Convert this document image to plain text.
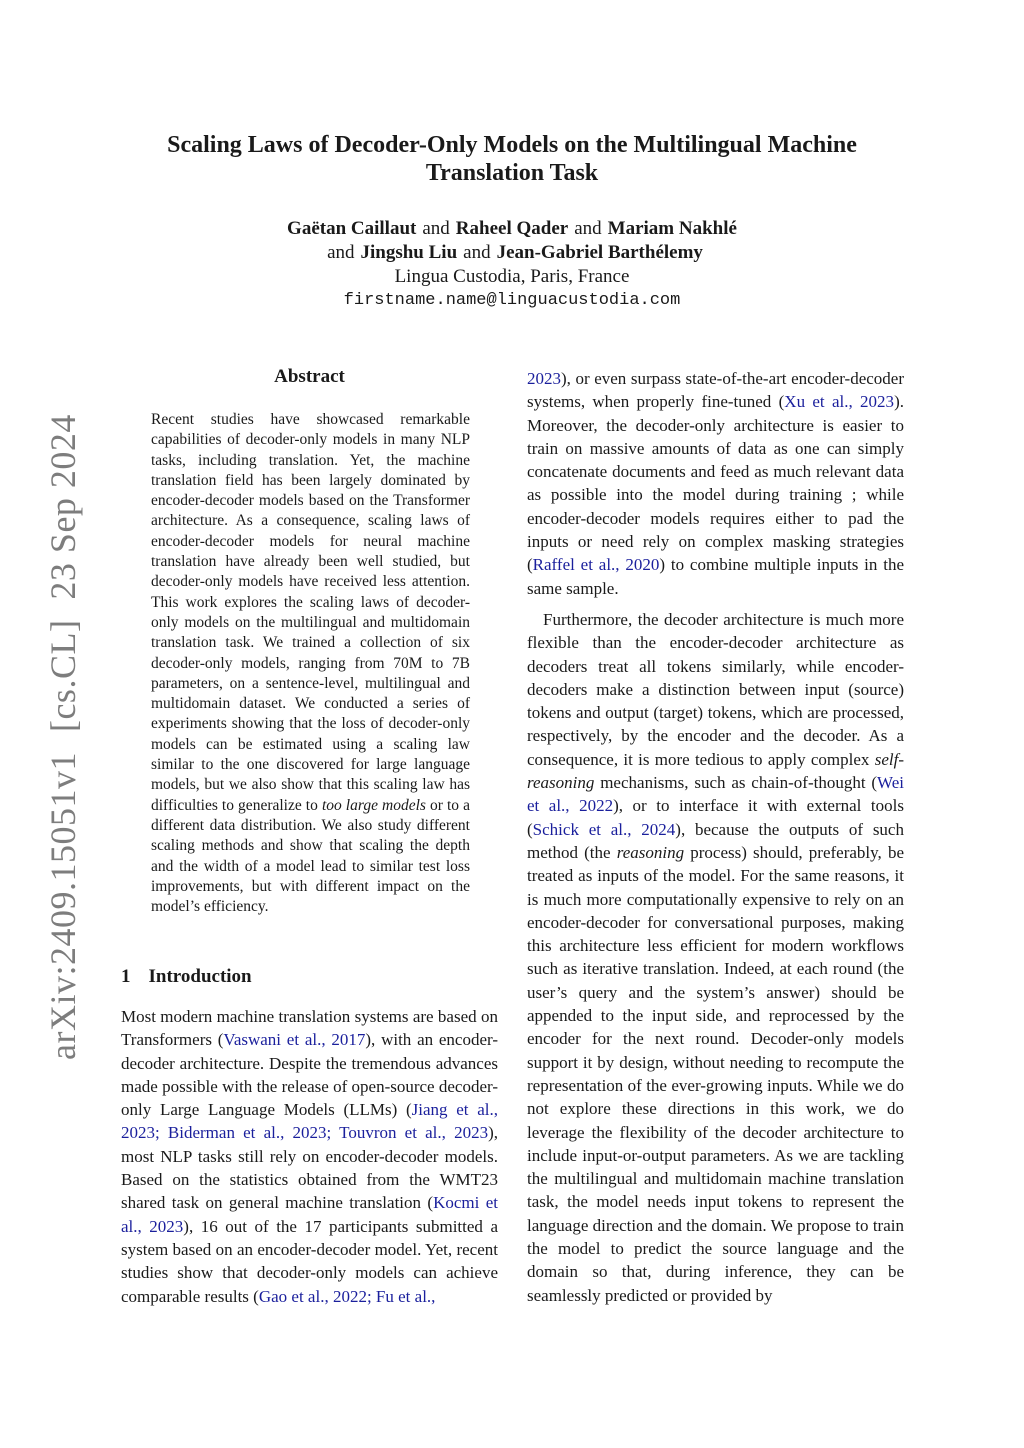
arXiv:2409.15051v1[cs.CL]23 Sep 2024
Scaling Laws of Decoder-Only Models on the Multilingual Machine
Translation Task
Gaëtan Caillaut and Raheel Qader and Mariam Nakhlé
and Jingshu Liu and Jean-Gabriel Barthélemy
Lingua Custodia, Paris, France
firstname.name@linguacustodia.com
Abstract
Recent studies have showcased remarkable capabilities of decoder-only models in many NLP tasks, including translation. Yet, the machine translation field has been largely dominated by encoder-decoder models based on the Transformer architecture. As a consequence, scaling laws of encoder-decoder models for neural machine translation have already been well studied, but decoder-only models have received less attention. This work explores the scaling laws of decoder-only models on the multilingual and multidomain translation task. We trained a collection of six decoder-only models, ranging from 70M to 7B parameters, on a sentence-level, multilingual and multidomain dataset. We conducted a series of experiments showing that the loss of decoder-only models can be estimated using a scaling law similar to the one discovered for large language models, but we also show that this scaling law has difficulties to generalize to too large models or to a different data distribution. We also study different scaling methods and show that scaling the depth and the width of a model lead to similar test loss improvements, but with different impact on the model’s efficiency.
1 Introduction

Most modern machine translation systems are based on Transformers (Vaswani et al., 2017), with an encoder-decoder architecture. Despite the tremendous advances made possible with the release of open-source decoder-only Large Language Models (LLMs) (Jiang et al., 2023; Biderman et al., 2023; Touvron et al., 2023), most NLP tasks still rely on encoder-decoder models. Based on the statistics obtained from the WMT23 shared task on general machine translation (Kocmi et al., 2023), 16 out of the 17 participants submitted a system based on an encoder-decoder model. Yet, recent studies show that decoder-only models can achieve comparable results (Gao et al., 2022; Fu et al.,

2023), or even surpass state-of-the-art encoder-decoder systems, when properly fine-tuned (Xu et al., 2023). Moreover, the decoder-only architecture is easier to train on massive amounts of data as one can simply concatenate documents and feed as much relevant data as possible into the model during training ; while encoder-decoder models requires either to pad the inputs or need rely on complex masking strategies (Raffel et al., 2020) to combine multiple inputs in the same sample.

Furthermore, the decoder architecture is much more flexible than the encoder-decoder architecture as decoders treat all tokens similarly, while encoder-decoders make a distinction between input (source) tokens and output (target) tokens, which are processed, respectively, by the encoder and the decoder. As a consequence, it is more tedious to apply complex self-reasoning mechanisms, such as chain-of-thought (Wei et al., 2022), or to interface it with external tools (Schick et al., 2024), because the outputs of such method (the reasoning process) should, preferably, be treated as inputs of the model. For the same reasons, it is much more computationally expensive to rely on an encoder-decoder for conversational purposes, making this architecture less efficient for modern workflows such as iterative translation. Indeed, at each round (the user’s query and the system’s answer) should be appended to the input side, and reprocessed by the encoder for the next round. Decoder-only models support it by design, without needing to recompute the representation of the ever-growing inputs. While we do not explore these directions in this work, we do leverage the flexibility of the decoder architecture to include input-or-output parameters. As we are tackling the multilingual and multidomain machine translation task, the model needs input tokens to represent the language direction and the domain. We propose to train the model to predict the source language and the domain so that, during inference, they can be seamlessly predicted or provided by
